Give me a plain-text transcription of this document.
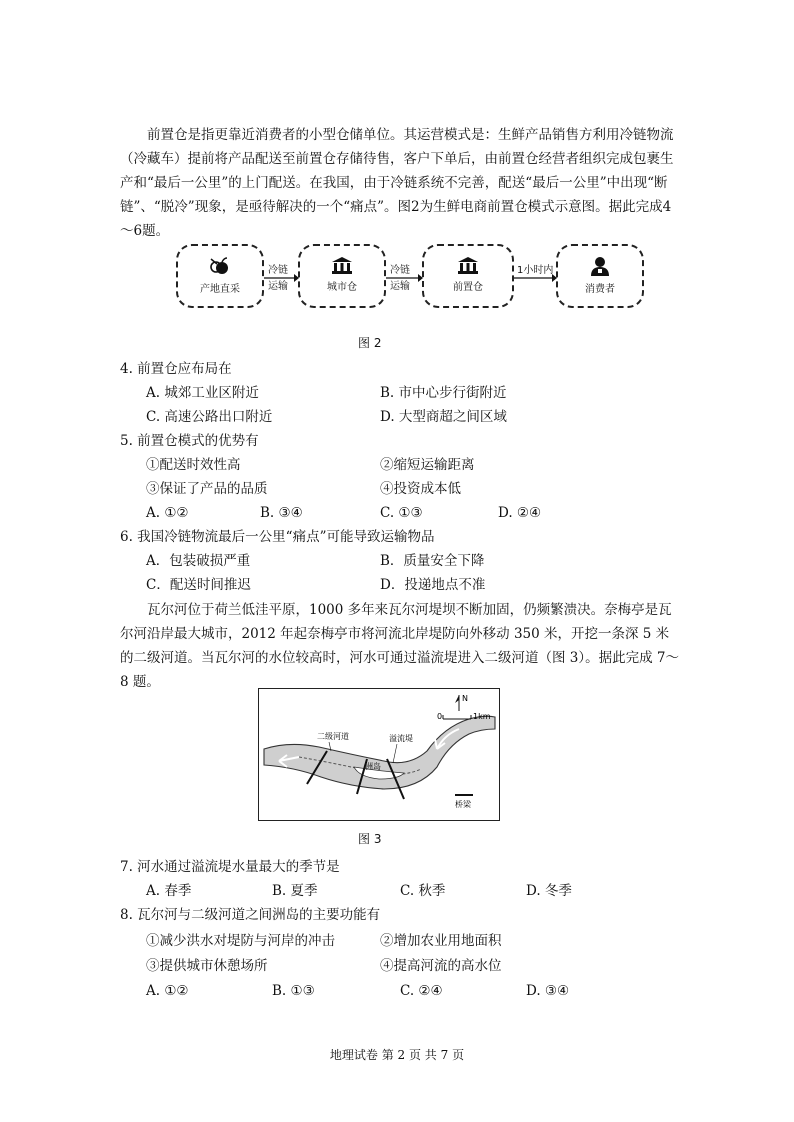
前置仓是指更靠近消费者的小型仓储单位。其运营模式是：生鲜产品销售方利用冷链物流（冷藏车）提前将产品配送至前置仓存储待售，客户下单后，由前置仓经营者组织完成包裹生产和“最后一公里”的上门配送。在我国，由于冷链系统不完善，配送“最后一公里”中出现“断链”、“脱冷”现象，是亟待解决的一个“痛点”。图2为生鲜电商前置仓模式示意图。据此完成4～6题。

产地直采	城市仓	前置仓	消费者
冷链
运输
冷链
运输
1小时内
图 2
4. 前置仓应布局在
A. 城郊工业区附近	B. 市中心步行街附近
C. 高速公路出口附近	D. 大型商超之间区域
5. 前置仓模式的优势有
①配送时效性高	②缩短运输距离
③保证了产品的品质	④投资成本低
A. ①②	B. ③④	C. ①③	D. ②④
6. 我国冷链物流最后一公里“痛点”可能导致运输物品
A．包装破损严重	B．质量安全下降
C．配送时间推迟	D．投递地点不准

瓦尔河位于荷兰低洼平原，1000 多年来瓦尔河堤坝不断加固，仍频繁溃决。奈梅亭是瓦尔河沿岸最大城市，2012 年起奈梅亭市将河流北岸堤防向外移动 350 米，开挖一条深 5 米的二级河道。当瓦尔河的水位较高时，河水可通过溢流堤进入二级河道（图 3）。据此完成 7～8 题。

N
0	1km
二级河道	溢流堤
洲岛
桥梁
图 3
7. 河水通过溢流堤水量最大的季节是
A. 春季	B. 夏季	C. 秋季	D. 冬季
8. 瓦尔河与二级河道之间洲岛的主要功能有
①减少洪水对堤防与河岸的冲击	②增加农业用地面积
③提供城市休憩场所	④提高河流的高水位
A. ①②	B. ①③	C. ②④	D. ③④
地理试卷 第 2 页 共 7 页
